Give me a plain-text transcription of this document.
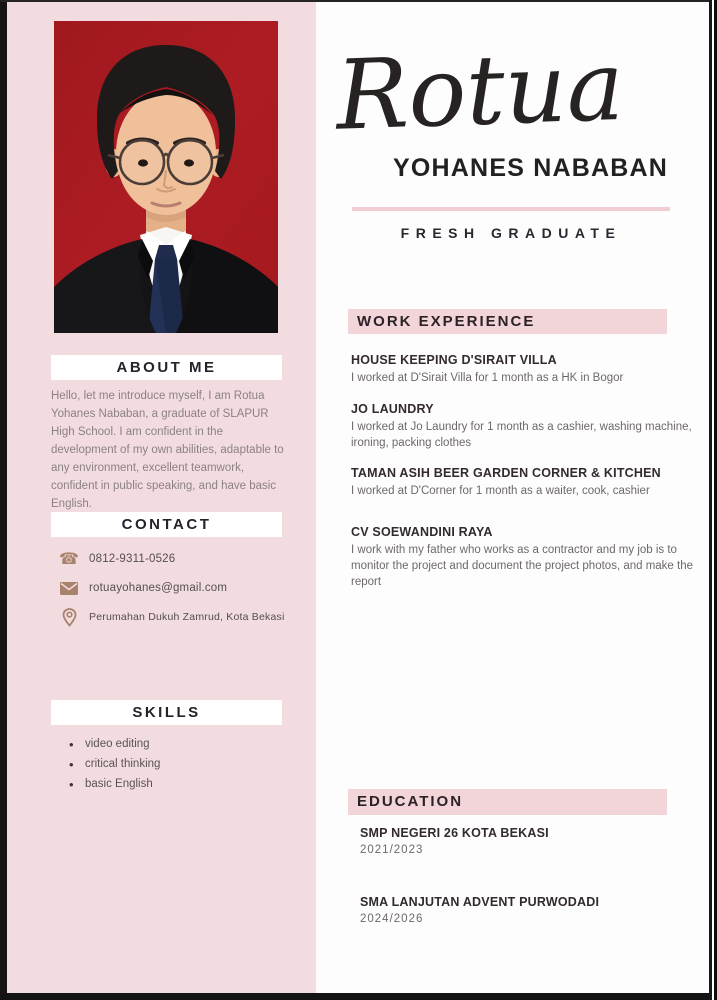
ABOUT ME

Hello, let me introduce myself, I am Rotua Yohanes Nababan, a graduate of SLAPUR High School. I am confident in the development of my own abilities, adaptable to any environment, excellent teamwork, confident in public speaking, and have basic English.

CONTACT
☎ 0812-9311-0526
rotuayohanes@gmail.com
Perumahan Dukuh Zamrud, Kota Bekasi
SKILLS
• video editing
• critical thinking
• basic English
Rotua
YOHANES NABABAN
FRESH GRADUATE
WORK EXPERIENCE
HOUSE KEEPING D'SIRAIT VILLA
I worked at D'Sirait Villa for 1 month as a HK in Bogor
JO LAUNDRY
I worked at Jo Laundry for 1 month as a cashier, washing machine, ironing, packing clothes
TAMAN ASIH BEER GARDEN CORNER & KITCHEN
I worked at D'Corner for 1 month as a waiter, cook, cashier
CV SOEWANDINI RAYA
I work with my father who works as a contractor and my job is to monitor the project and document the project photos, and make the report
EDUCATION
SMP NEGERI 26 KOTA BEKASI
2021/2023
SMA LANJUTAN ADVENT PURWODADI
2024/2026
